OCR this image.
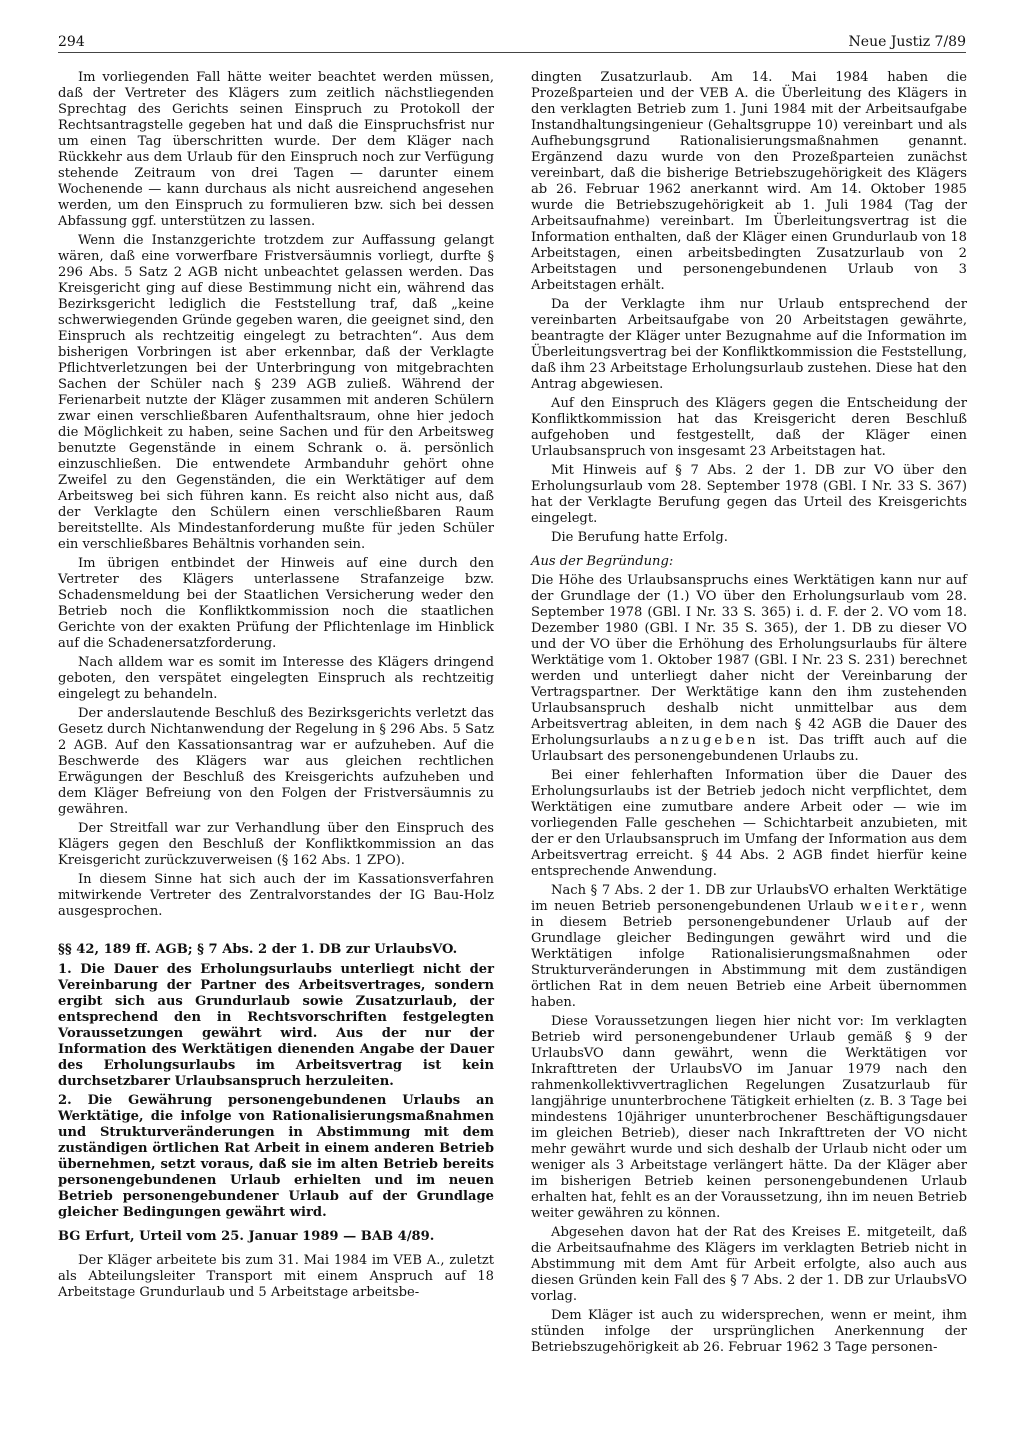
294	Neue Justiz 7/89

Im vorliegenden Fall hätte weiter beachtet werden müssen, daß der Vertreter des Klägers zum zeitlich nächstliegenden Sprechtag des Gerichts seinen Einspruch zu Protokoll der Rechtsantragstelle gegeben hat und daß die Einspruchsfrist nur um einen Tag überschritten wurde. Der dem Kläger nach Rückkehr aus dem Urlaub für den Einspruch noch zur Verfügung stehende Zeitraum von drei Tagen — darunter einem Wochenende — kann durchaus als nicht ausreichend angesehen werden, um den Einspruch zu formulieren bzw. sich bei dessen Abfassung ggf. unterstützen zu lassen.

Wenn die Instanzgerichte trotzdem zur Auffassung gelangt wären, daß eine vorwerfbare Fristversäumnis vorliegt, durfte § 296 Abs. 5 Satz 2 AGB nicht unbeachtet gelassen werden. Das Kreisgericht ging auf diese Bestimmung nicht ein, während das Bezirksgericht lediglich die Feststellung traf, daß „keine schwerwiegenden Gründe gegeben waren, die geeignet sind, den Einspruch als rechtzeitig eingelegt zu betrachten“. Aus dem bisherigen Vorbringen ist aber erkennbar, daß der Verklagte Pflichtverletzungen bei der Unterbringung von mitgebrachten Sachen der Schüler nach § 239 AGB zuließ. Während der Ferienarbeit nutzte der Kläger zusammen mit anderen Schülern zwar einen verschließbaren Aufenthaltsraum, ohne hier jedoch die Möglichkeit zu haben, seine Sachen und für den Arbeitsweg benutzte Gegenstände in einem Schrank o. ä. persönlich einzuschließen. Die entwendete Armbanduhr gehört ohne Zweifel zu den Gegenständen, die ein Werktätiger auf dem Arbeitsweg bei sich führen kann. Es reicht also nicht aus, daß der Verklagte den Schülern einen verschließbaren Raum bereitstellte. Als Mindestanforderung mußte für jeden Schüler ein verschließbares Behältnis vorhanden sein.

Im übrigen entbindet der Hinweis auf eine durch den Vertreter des Klägers unterlassene Strafanzeige bzw. Schadensmeldung bei der Staatlichen Versicherung weder den Betrieb noch die Konfliktkommission noch die staatlichen Gerichte von der exakten Prüfung der Pflichtenlage im Hinblick auf die Schadenersatzforderung.

Nach alldem war es somit im Interesse des Klägers dringend geboten, den verspätet eingelegten Einspruch als rechtzeitig eingelegt zu behandeln.

Der anderslautende Beschluß des Bezirksgerichts verletzt das Gesetz durch Nichtanwendung der Regelung in § 296 Abs. 5 Satz 2 AGB. Auf den Kassationsantrag war er aufzuheben. Auf die Beschwerde des Klägers war aus gleichen rechtlichen Erwägungen der Beschluß des Kreisgerichts aufzuheben und dem Kläger Befreiung von den Folgen der Fristversäumnis zu gewähren.

Der Streitfall war zur Verhandlung über den Einspruch des Klägers gegen den Beschluß der Konfliktkommission an das Kreisgericht zurückzuverweisen (§ 162 Abs. 1 ZPO).

In diesem Sinne hat sich auch der im Kassationsverfahren mitwirkende Vertreter des Zentralvorstandes der IG Bau-Holz ausgesprochen.

§§ 42, 189 ff. AGB; § 7 Abs. 2 der 1. DB zur UrlaubsVO.

1. Die Dauer des Erholungsurlaubs unterliegt nicht der Vereinbarung der Partner des Arbeitsvertrages, sondern ergibt sich aus Grundurlaub sowie Zusatzurlaub, der entsprechend den in Rechtsvorschriften festgelegten Voraussetzungen gewährt wird. Aus der nur der Information des Werktätigen dienenden Angabe der Dauer des Erholungsurlaubs im Arbeitsvertrag ist kein durchsetzbarer Urlaubsanspruch herzuleiten.

2. Die Gewährung personengebundenen Urlaubs an Werktätige, die infolge von Rationalisierungsmaßnahmen und Strukturveränderungen in Abstimmung mit dem zuständigen örtlichen Rat Arbeit in einem anderen Betrieb übernehmen, setzt voraus, daß sie im alten Betrieb bereits personengebundenen Urlaub erhielten und im neuen Betrieb personengebundener Urlaub auf der Grundlage gleicher Bedingungen gewährt wird.

BG Erfurt, Urteil vom 25. Januar 1989 — BAB 4/89.

Der Kläger arbeitete bis zum 31. Mai 1984 im VEB A., zuletzt als Abteilungsleiter Transport mit einem Anspruch auf 18 Arbeitstage Grundurlaub und 5 Arbeitstage arbeitsbe-

dingten Zusatzurlaub. Am 14. Mai 1984 haben die Prozeßparteien und der VEB A. die Überleitung des Klägers in den verklagten Betrieb zum 1. Juni 1984 mit der Arbeitsaufgabe Instandhaltungsingenieur (Gehaltsgruppe 10) vereinbart und als Aufhebungsgrund Rationalisierungsmaßnahmen genannt. Ergänzend dazu wurde von den Prozeßparteien zunächst vereinbart, daß die bisherige Betriebszugehörigkeit des Klägers ab 26. Februar 1962 anerkannt wird. Am 14. Oktober 1985 wurde die Betriebszugehörigkeit ab 1. Juli 1984 (Tag der Arbeitsaufnahme) vereinbart. Im Überleitungsvertrag ist die Information enthalten, daß der Kläger einen Grundurlaub von 18 Arbeitstagen, einen arbeitsbedingten Zusatzurlaub von 2 Arbeitstagen und personengebundenen Urlaub von 3 Arbeitstagen erhält.

Da der Verklagte ihm nur Urlaub entsprechend der vereinbarten Arbeitsaufgabe von 20 Arbeitstagen gewährte, beantragte der Kläger unter Bezugnahme auf die Information im Überleitungsvertrag bei der Konfliktkommission die Feststellung, daß ihm 23 Arbeitstage Erholungsurlaub zustehen. Diese hat den Antrag abgewiesen.

Auf den Einspruch des Klägers gegen die Entscheidung der Konfliktkommission hat das Kreisgericht deren Beschluß aufgehoben und festgestellt, daß der Kläger einen Urlaubsanspruch von insgesamt 23 Arbeitstagen hat.

Mit Hinweis auf § 7 Abs. 2 der 1. DB zur VO über den Erholungsurlaub vom 28. September 1978 (GBl. I Nr. 33 S. 367) hat der Verklagte Berufung gegen das Urteil des Kreisgerichts eingelegt.

Die Berufung hatte Erfolg.

Aus der Begründung:

Die Höhe des Urlaubsanspruchs eines Werktätigen kann nur auf der Grundlage der (1.) VO über den Erholungsurlaub vom 28. September 1978 (GBl. I Nr. 33 S. 365) i. d. F. der 2. VO vom 18. Dezember 1980 (GBl. I Nr. 35 S. 365), der 1. DB zu dieser VO und der VO über die Erhöhung des Erholungsurlaubs für ältere Werktätige vom 1. Oktober 1987 (GBl. I Nr. 23 S. 231) berechnet werden und unterliegt daher nicht der Vereinbarung der Vertragspartner. Der Werktätige kann den ihm zustehenden Urlaubsanspruch deshalb nicht unmittelbar aus dem Arbeitsvertrag ableiten, in dem nach § 42 AGB die Dauer des Erholungsurlaubs anzugeben ist. Das trifft auch auf die Urlaubsart des personengebundenen Urlaubs zu.

Bei einer fehlerhaften Information über die Dauer des Erholungsurlaubs ist der Betrieb jedoch nicht verpflichtet, dem Werktätigen eine zumutbare andere Arbeit oder — wie im vorliegenden Falle geschehen — Schichtarbeit anzubieten, mit der er den Urlaubsanspruch im Umfang der Information aus dem Arbeitsvertrag erreicht. § 44 Abs. 2 AGB findet hierfür keine entsprechende Anwendung.

Nach § 7 Abs. 2 der 1. DB zur UrlaubsVO erhalten Werktätige im neuen Betrieb personengebundenen Urlaub weiter, wenn in diesem Betrieb personengebundener Urlaub auf der Grundlage gleicher Bedingungen gewährt wird und die Werktätigen infolge Rationalisierungsmaßnahmen oder Strukturveränderungen in Abstimmung mit dem zuständigen örtlichen Rat in dem neuen Betrieb eine Arbeit übernommen haben.

Diese Voraussetzungen liegen hier nicht vor: Im verklagten Betrieb wird personengebundener Urlaub gemäß § 9 der UrlaubsVO dann gewährt, wenn die Werktätigen vor Inkrafttreten der UrlaubsVO im Januar 1979 nach den rahmenkollektivvertraglichen Regelungen Zusatzurlaub für langjährige ununterbrochene Tätigkeit erhielten (z. B. 3 Tage bei mindestens 10jähriger ununterbrochener Beschäftigungsdauer im gleichen Betrieb), dieser nach Inkrafttreten der VO nicht mehr gewährt wurde und sich deshalb der Urlaub nicht oder um weniger als 3 Arbeitstage verlängert hätte. Da der Kläger aber im bisherigen Betrieb keinen personengebundenen Urlaub erhalten hat, fehlt es an der Voraussetzung, ihn im neuen Betrieb weiter gewähren zu können.

Abgesehen davon hat der Rat des Kreises E. mitgeteilt, daß die Arbeitsaufnahme des Klägers im verklagten Betrieb nicht in Abstimmung mit dem Amt für Arbeit erfolgte, also auch aus diesen Gründen kein Fall des § 7 Abs. 2 der 1. DB zur UrlaubsVO vorlag.

Dem Kläger ist auch zu widersprechen, wenn er meint, ihm stünden infolge der ursprünglichen Anerkennung der Betriebszugehörigkeit ab 26. Februar 1962 3 Tage personen-
